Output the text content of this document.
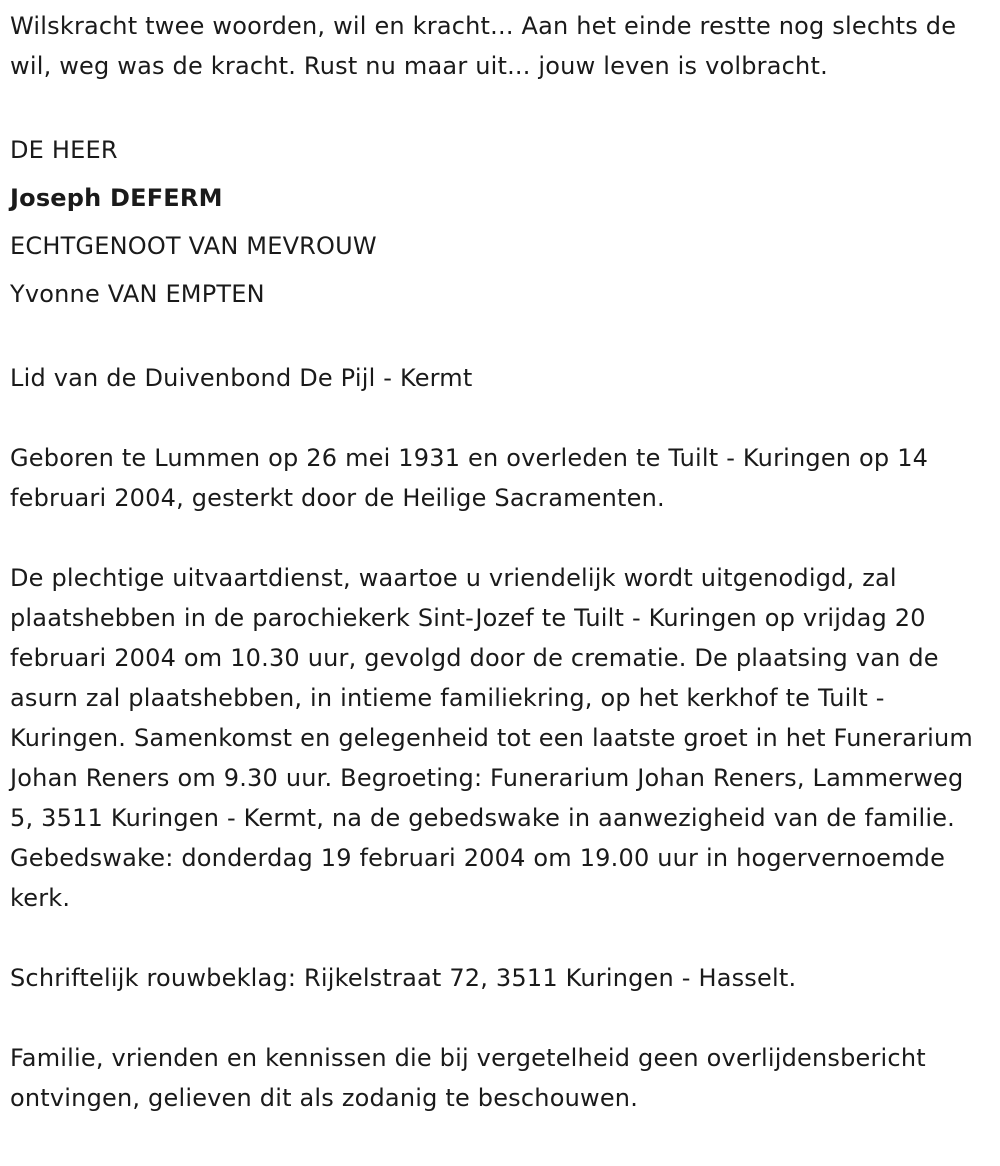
Wilskracht twee woorden, wil en kracht... Aan het einde restte nog slechts de wil, weg was de kracht. Rust nu maar uit... jouw leven is volbracht.

DE HEER

Joseph DEFERM

ECHTGENOOT VAN MEVROUW

Yvonne VAN EMPTEN

Lid van de Duivenbond De Pijl - Kermt

Geboren te Lummen op 26 mei 1931 en overleden te Tuilt - Kuringen op 14 februari 2004, gesterkt door de Heilige Sacramenten.

De plechtige uitvaartdienst, waartoe u vriendelijk wordt uitgenodigd, zal plaatshebben in de parochiekerk Sint-Jozef te Tuilt - Kuringen op vrijdag 20 februari 2004 om 10.30 uur, gevolgd door de crematie. De plaatsing van de asurn zal plaatshebben, in intieme familiekring, op het kerkhof te Tuilt - Kuringen. Samenkomst en gelegenheid tot een laatste groet in het Funerarium Johan Reners om 9.30 uur. Begroeting: Funerarium Johan Reners, Lammerweg 5, 3511 Kuringen - Kermt, na de gebedswake in aanwezigheid van de familie. Gebedswake: donderdag 19 februari 2004 om 19.00 uur in hogervernoemde kerk.

Schriftelijk rouwbeklag: Rijkelstraat 72, 3511 Kuringen - Hasselt.

Familie, vrienden en kennissen die bij vergetelheid geen overlijdensbericht ontvingen, gelieven dit als zodanig te beschouwen.
